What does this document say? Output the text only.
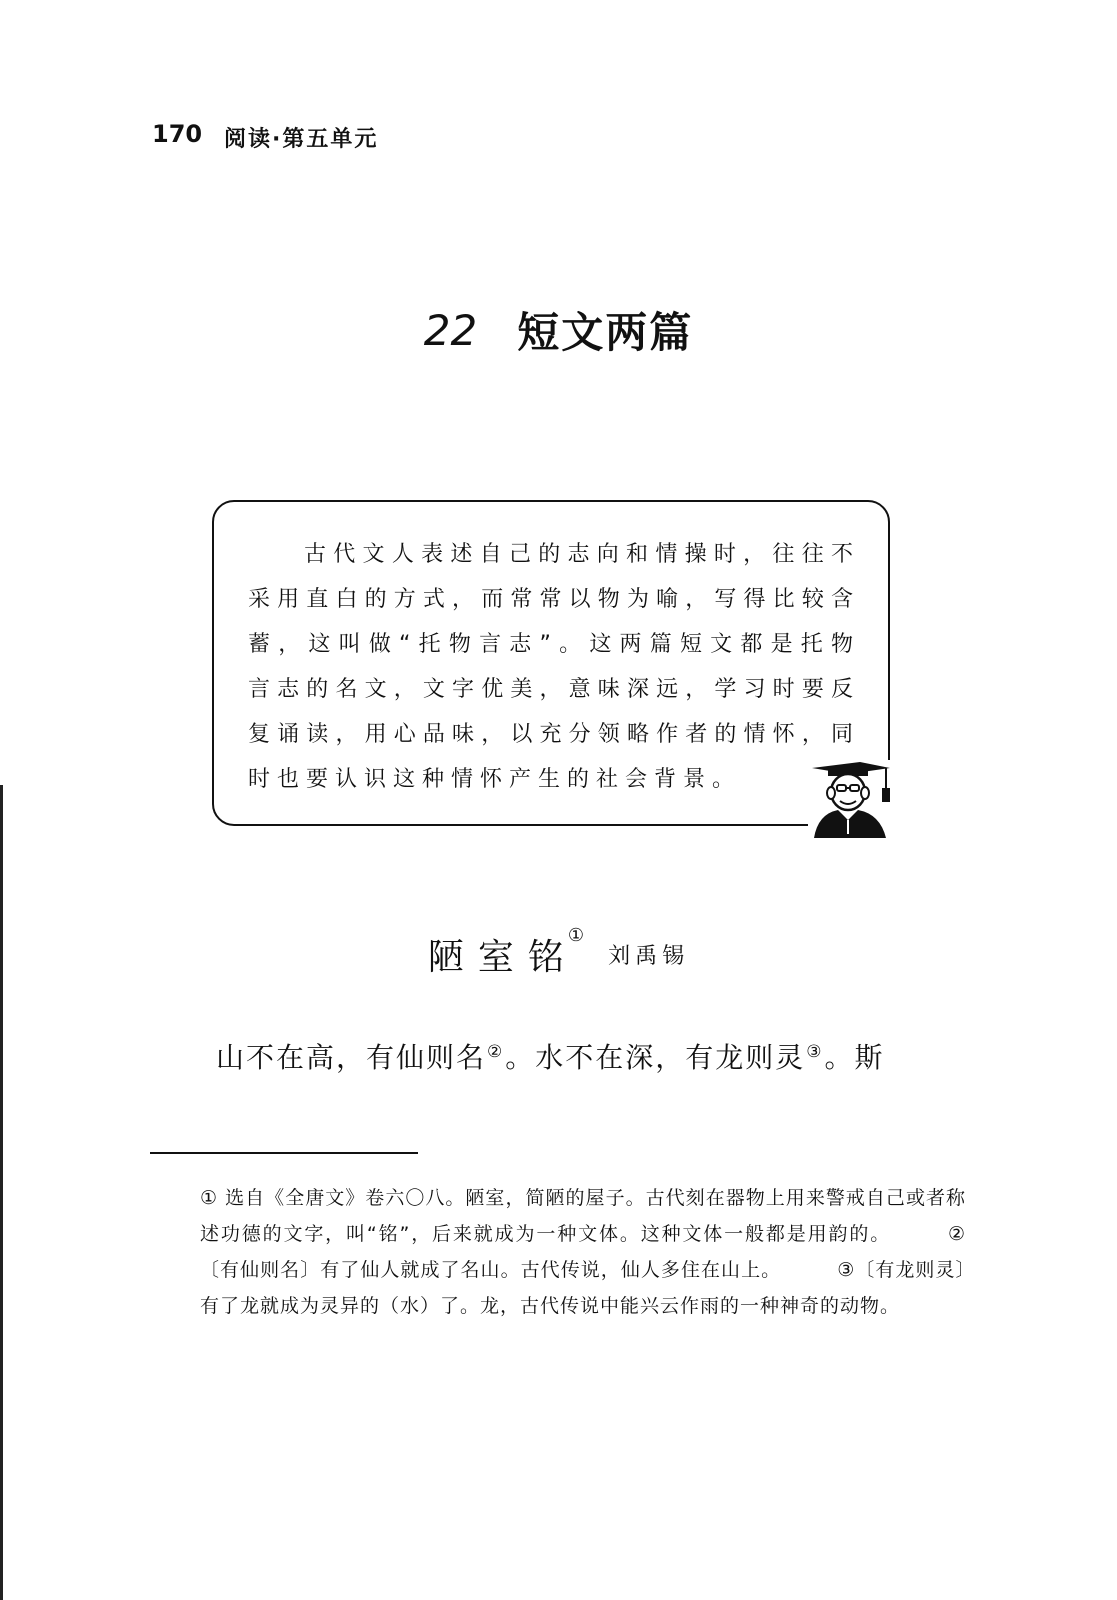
170 阅读·第五单元
22 短文两篇

古代文人表述自己的志向和情操时，往往不采用直白的方式，而常常以物为喻，写得比较含蓄，这叫做“托物言志”。这两篇短文都是托物言志的名文，文字优美，意味深远，学习时要反复诵读，用心品味，以充分领略作者的情怀，同时也要认识这种情怀产生的社会背景。

陋室铭①刘禹锡

山不在高，有仙则名②。水不在深，有龙则灵③。斯

① 选自《全唐文》卷六〇八。陋室，简陋的屋子。古代刻在器物上用来警戒自己或者称述功德的文字，叫“铭”，后来就成为一种文体。这种文体一般都是用韵的。	②〔有仙则名〕有了仙人就成了名山。古代传说，仙人多住在山上。	③〔有龙则灵〕有了龙就成为灵异的（水）了。龙，古代传说中能兴云作雨的一种神奇的动物。
